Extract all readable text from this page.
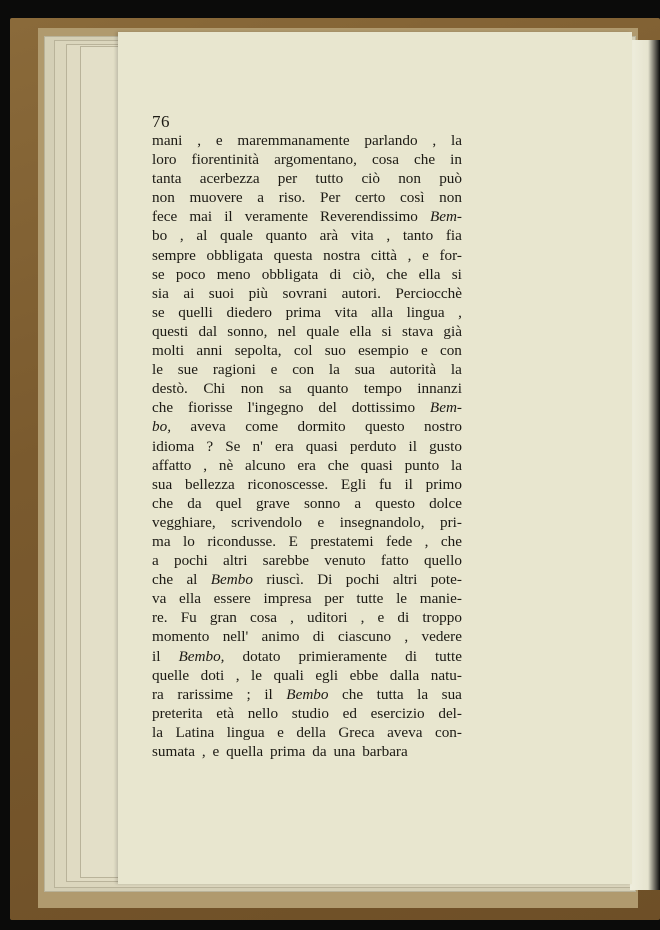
76
mani , e maremmanamente parlando , la
loro fiorentinità argomentano, cosa che in
tanta acerbezza per tutto ciò non può
non muovere a riso. Per certo così non
fece mai il veramente Reverendissimo Bem-
bo , al quale quanto arà vita , tanto fia
sempre obbligata questa nostra città , e for-
se poco meno obbligata di ciò, che ella si
sia ai suoi più sovrani autori. Perciocchè
se quelli diedero prima vita alla lingua ,
questi dal sonno, nel quale ella si stava già
molti anni sepolta, col suo esempio e con
le sue ragioni e con la sua autorità la
destò. Chi non sa quanto tempo innanzi
che fiorisse l'ingegno del dottissimo Bem-
bo, aveva come dormito questo nostro
idioma ? Se n' era quasi perduto il gusto
affatto , nè alcuno era che quasi punto la
sua bellezza riconoscesse. Egli fu il primo
che da quel grave sonno a questo dolce
vegghiare, scrivendolo e insegnandolo, pri-
ma lo ricondusse. E prestatemi fede , che
a pochi altri sarebbe venuto fatto quello
che al Bembo riuscì. Di pochi altri pote-
va ella essere impresa per tutte le manie-
re. Fu gran cosa , uditori , e di troppo
momento nell' animo di ciascuno , vedere
il Bembo, dotato primieramente di tutte
quelle doti , le quali egli ebbe dalla natu-
ra rarissime ; il Bembo che tutta la sua
preterita età nello studio ed esercizio del-
la Latina lingua e della Greca aveva con-
sumata , e quella prima da una barbara
